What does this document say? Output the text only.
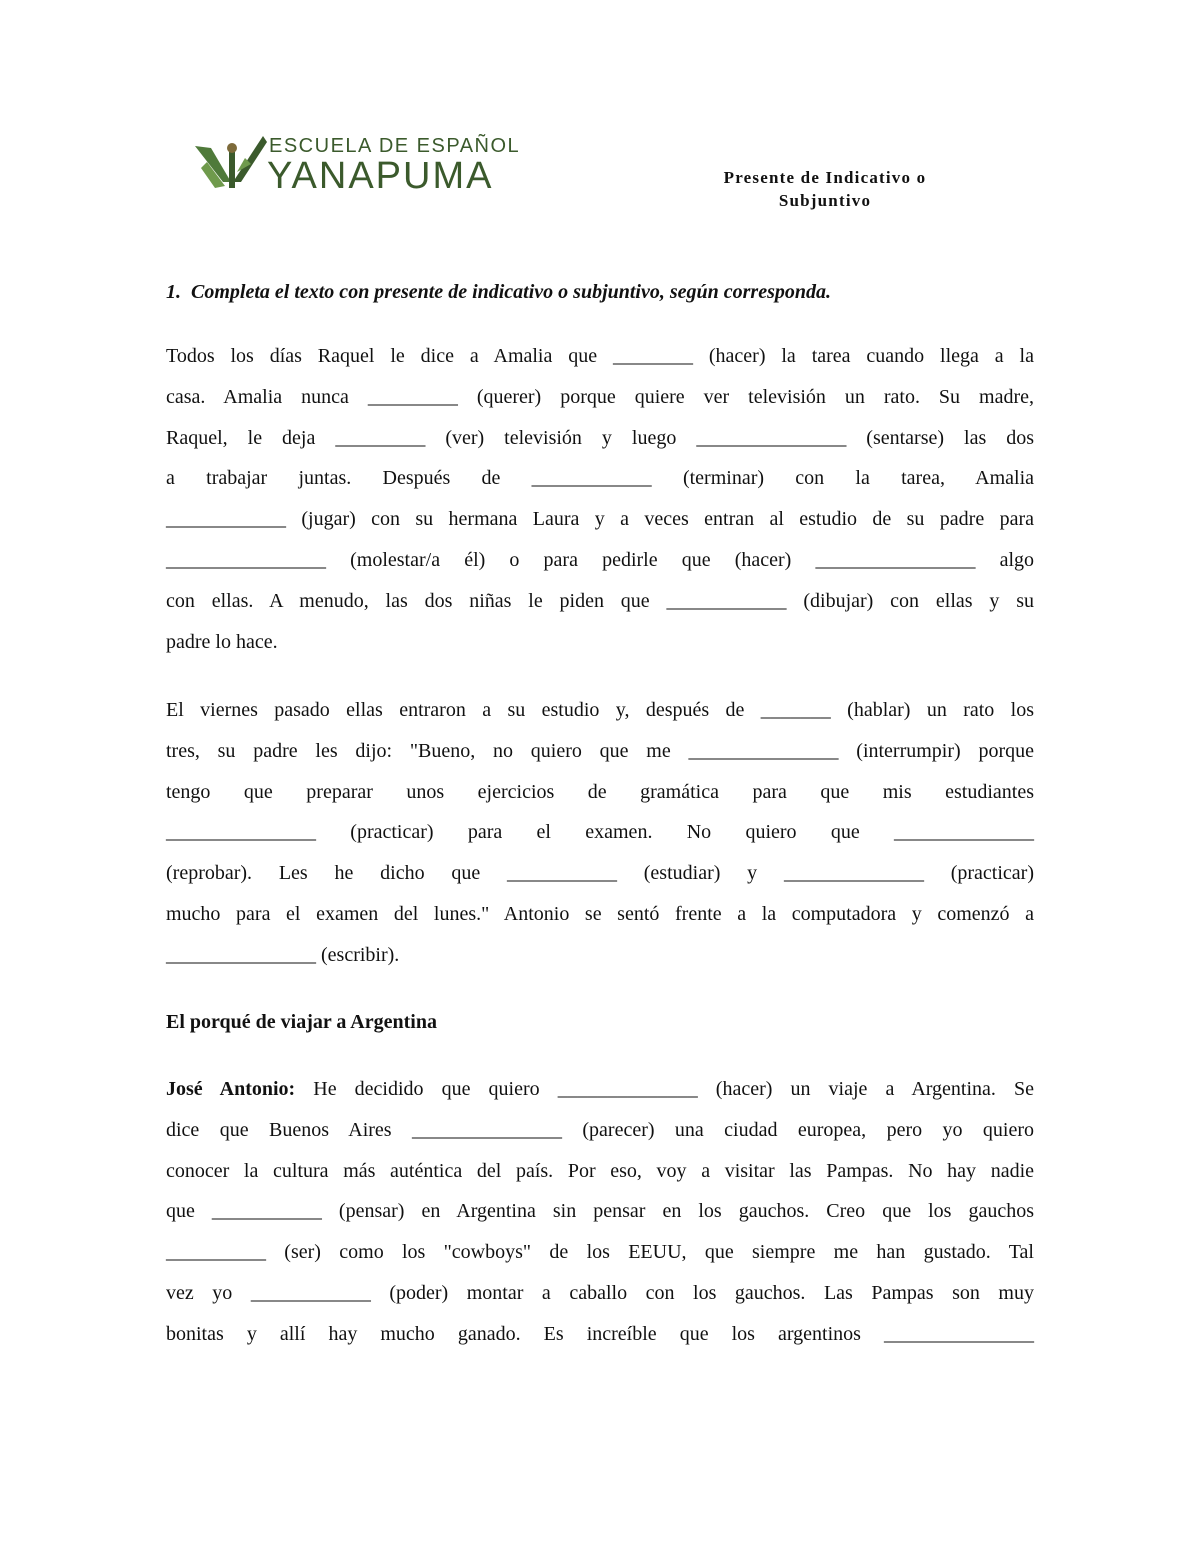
ESCUELA DE ESPAÑOL
YANAPUMA	Presente de Indicativo o
Subjuntivo
1. Completa el texto con presente de indicativo o subjuntivo, según corresponda.
Todos los días Raquel le dice a Amalia que ________ (hacer) la tarea cuando llega a la
casa. Amalia nunca _________ (querer) porque quiere ver televisión un rato. Su madre,
Raquel, le deja _________ (ver) televisión y luego _______________ (sentarse) las dos
a trabajar juntas. Después de ____________ (terminar) con la tarea, Amalia
____________ (jugar) con su hermana Laura y a veces entran al estudio de su padre para
________________ (molestar/a él) o para pedirle que (hacer) ________________ algo
con ellas. A menudo, las dos niñas le piden que ____________ (dibujar) con ellas y su
padre lo hace.
El viernes pasado ellas entraron a su estudio y, después de _______ (hablar) un rato los
tres, su padre les dijo: "Bueno, no quiero que me _______________ (interrumpir) porque
tengo que preparar unos ejercicios de gramática para que mis estudiantes
_______________ (practicar) para el examen. No quiero que ______________
(reprobar). Les he dicho que ___________ (estudiar) y ______________ (practicar)
mucho para el examen del lunes." Antonio se sentó frente a la computadora y comenzó a
_______________ (escribir).
El porqué de viajar a Argentina
José Antonio: He decidido que quiero ______________ (hacer) un viaje a Argentina. Se
dice que Buenos Aires _______________ (parecer) una ciudad europea, pero yo quiero
conocer la cultura más auténtica del país. Por eso, voy a visitar las Pampas. No hay nadie
que ___________ (pensar) en Argentina sin pensar en los gauchos. Creo que los gauchos
__________ (ser) como los "cowboys" de los EEUU, que siempre me han gustado. Tal
vez yo ____________ (poder) montar a caballo con los gauchos. Las Pampas son muy
bonitas y allí hay mucho ganado. Es increíble que los argentinos _______________
